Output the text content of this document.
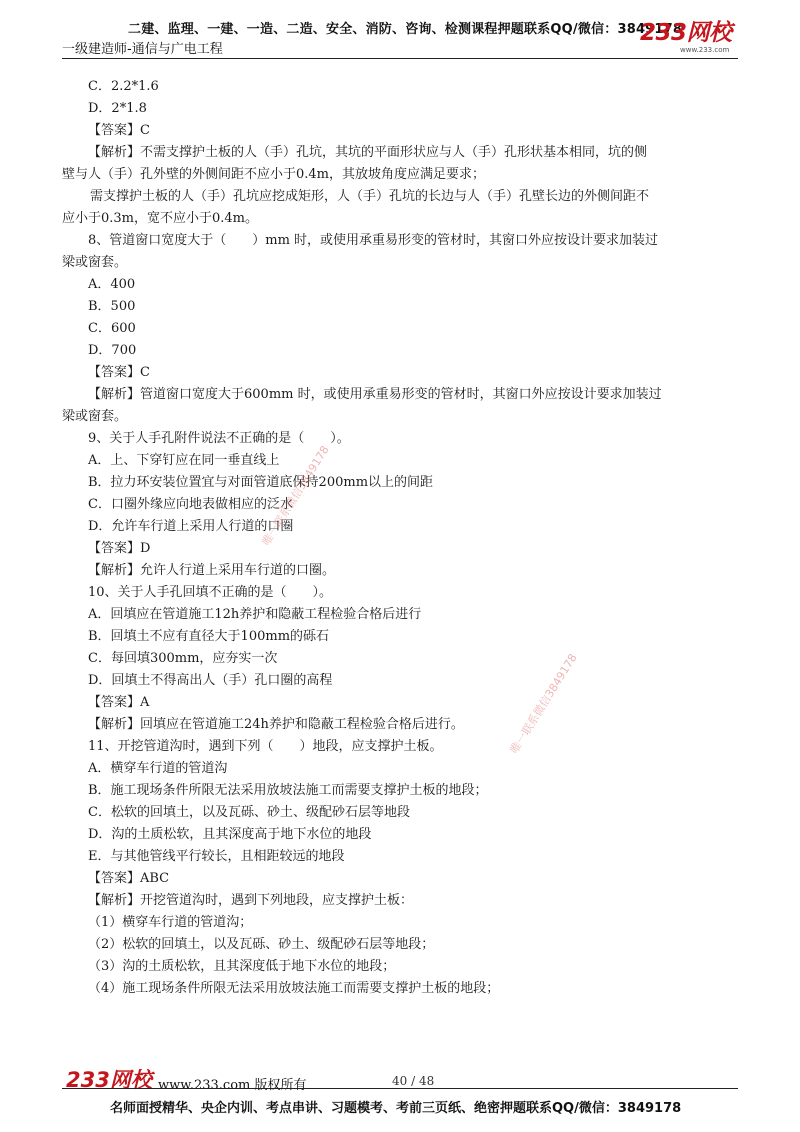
二建、监理、一建、一造、二造、安全、消防、咨询、检测课程押题联系QQ/微信：3849178
一级建造师-通信与广电工程
233网校
www.233.com
C．2.2*1.6
D．2*1.8
【答案】C
【解析】不需支撑护土板的人（手）孔坑，其坑的平面形状应与人（手）孔形状基本相同，坑的侧
壁与人（手）孔外壁的外侧间距不应小于0.4m，其放坡角度应满足要求；
需支撑护土板的人（手）孔坑应挖成矩形，人（手）孔坑的长边与人（手）孔壁长边的外侧间距不
应小于0.3m，宽不应小于0.4m。
8、管道窗口宽度大于（　　）mm 时，或使用承重易形变的管材时，其窗口外应按设计要求加装过
梁或窗套。
A．400
B．500
C．600
D．700
【答案】C
【解析】管道窗口宽度大于600mm 时，或使用承重易形变的管材时，其窗口外应按设计要求加装过
梁或窗套。
9、关于人手孔附件说法不正确的是（　　）。
A．上、下穿钉应在同一垂直线上
B．拉力环安装位置宜与对面管道底保持200mm以上的间距
C．口圈外缘应向地表做相应的泛水
D．允许车行道上采用人行道的口圈
【答案】D
【解析】允许人行道上采用车行道的口圈。
10、关于人手孔回填不正确的是（　　）。
A．回填应在管道施工12h养护和隐蔽工程检验合格后进行
B．回填土不应有直径大于100mm的砾石
C．每回填300mm，应夯实一次
D．回填土不得高出人（手）孔口圈的高程
【答案】A
【解析】回填应在管道施工24h养护和隐蔽工程检验合格后进行。
11、开挖管道沟时，遇到下列（　　）地段，应支撑护土板。
A．横穿车行道的管道沟
B．施工现场条件所限无法采用放坡法施工而需要支撑护土板的地段；
C．松软的回填土，以及瓦砾、砂土、级配砂石层等地段
D．沟的土质松软，且其深度高于地下水位的地段
E．与其他管线平行较长，且相距较远的地段
【答案】ABC
【解析】开挖管道沟时，遇到下列地段，应支撑护土板：
（1）横穿车行道的管道沟；
（2）松软的回填土，以及瓦砾、砂土、级配砂石层等地段；
（3）沟的土质松软，且其深度低于地下水位的地段；
（4）施工现场条件所限无法采用放坡法施工而需要支撑护土板的地段；
唯一联系微信3849178
唯一联系微信3849178
233网校 www.233.com 版权所有	40 / 48
名师面授精华、央企内训、考点串讲、习题模考、考前三页纸、绝密押题联系QQ/微信：3849178
